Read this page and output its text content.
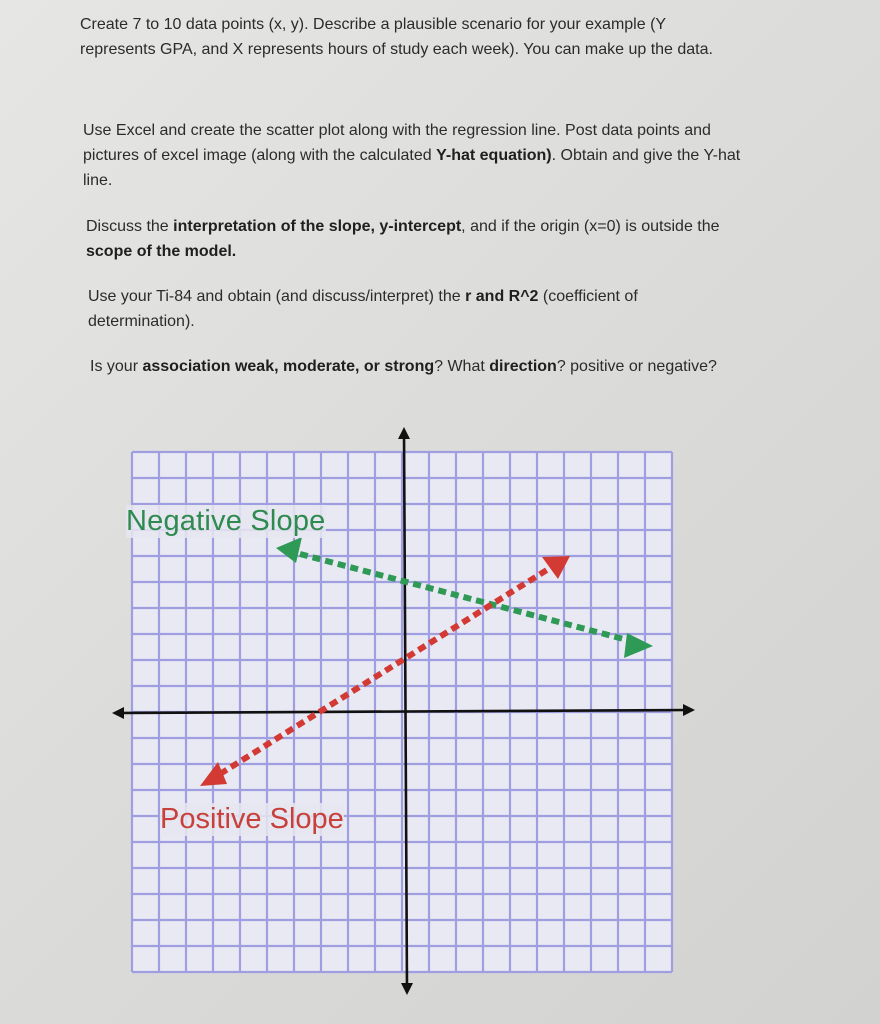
Create 7 to 10 data points (x, y). Describe a plausible scenario for your example (Y represents GPA, and X represents hours of study each week). You can make up the data.
Use Excel and create the scatter plot along with the regression line. Post data points and pictures of excel image (along with the calculated Y-hat equation). Obtain and give the Y-hat line.
Discuss the interpretation of the slope, y-intercept, and if the origin (x=0) is outside the scope of the model.
Use your Ti-84 and obtain (and discuss/interpret) the r and R^2 (coefficient of determination).
Is your association weak, moderate, or strong? What direction? positive or negative?
Negative Slope
Positive Slope
